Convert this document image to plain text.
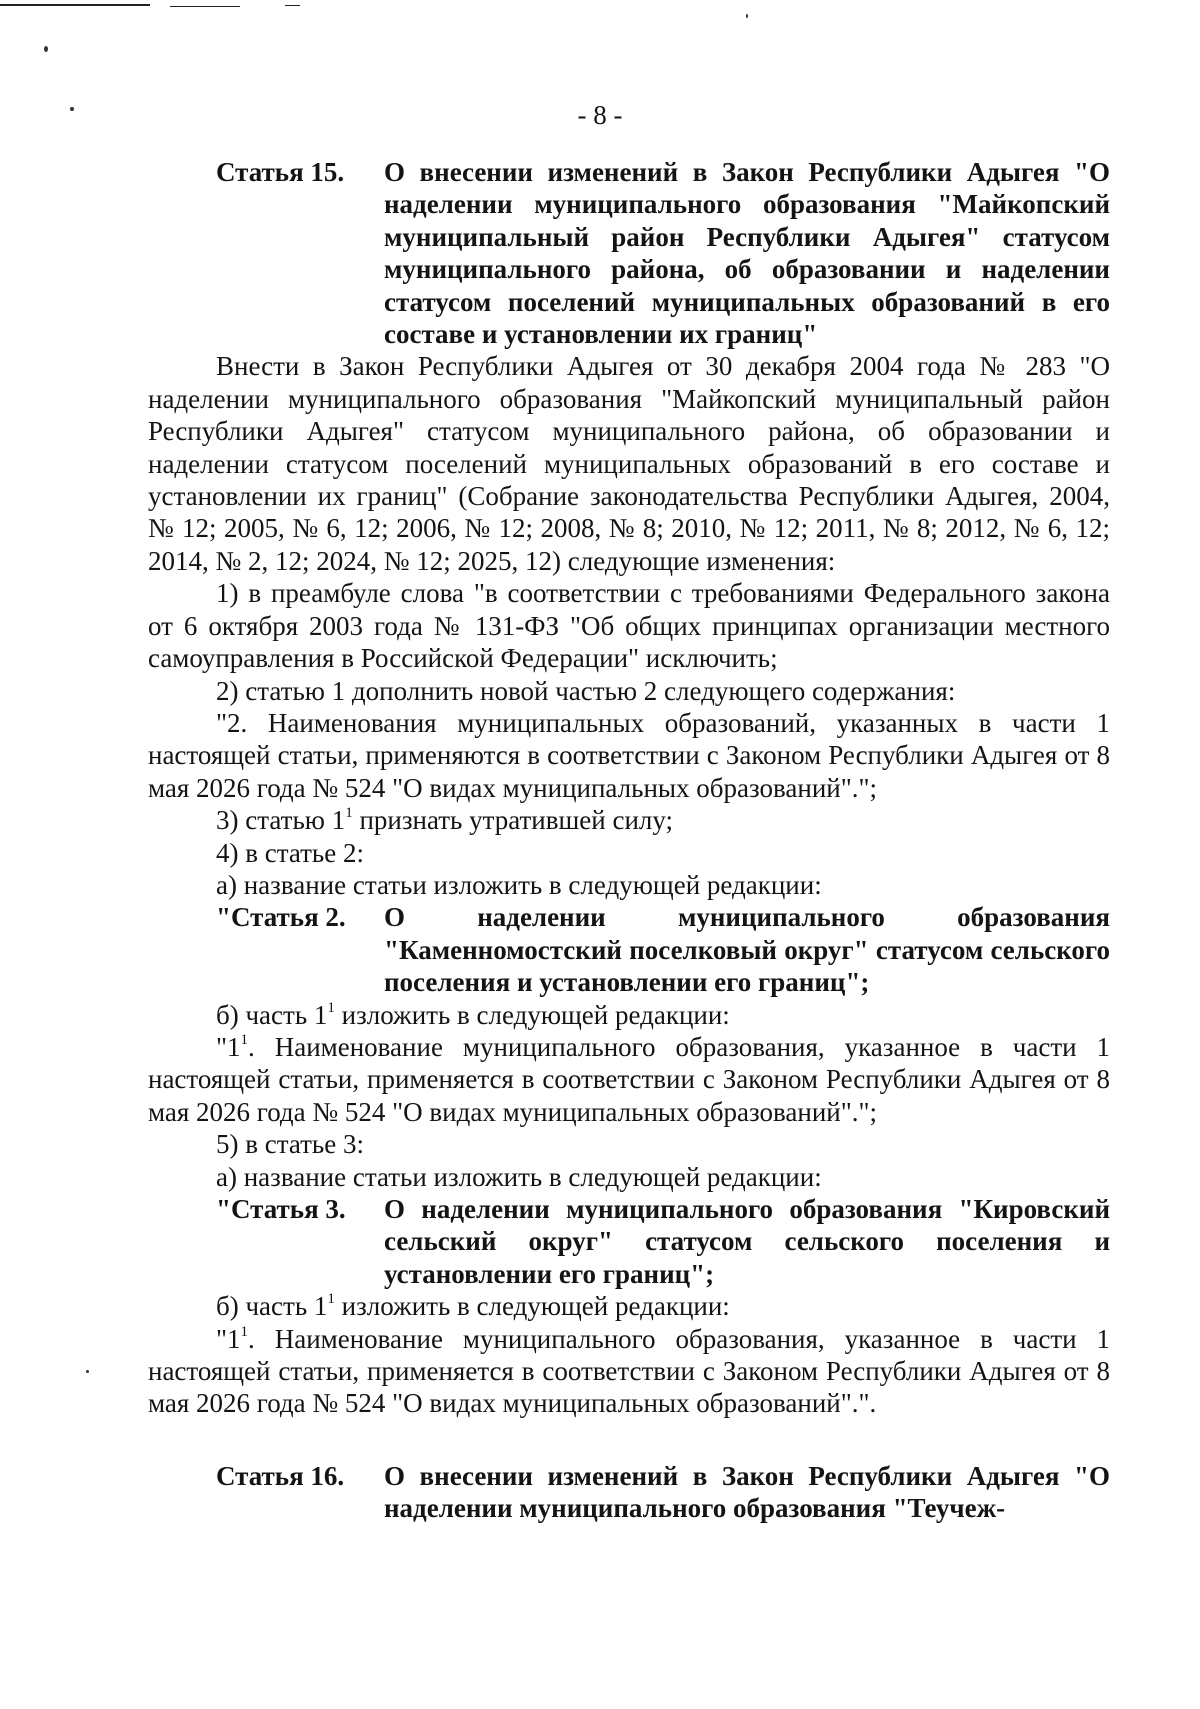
- 8 -
Статья 15.	О внесении изменений в Закон Республики Адыгея "О наделении муниципального образования "Майкопский муниципальный район Республики Адыгея" статусом муниципального района, об образовании и наделении статусом поселений муниципальных образований в его составе и установлении их границ"
Внести в Закон Республики Адыгея от 30 декабря 2004 года № 283 "О наделении муниципального образования "Майкопский муниципальный район Республики Адыгея" статусом муниципального района, об образовании и наделении статусом поселений муниципальных образований в его составе и установлении их границ" (Собрание законодательства Республики Адыгея, 2004, № 12; 2005, № 6, 12; 2006, № 12; 2008, № 8; 2010, № 12; 2011, № 8; 2012, № 6, 12; 2014, № 2, 12; 2024, № 12; 2025, 12) следующие изменения:
1) в преамбуле слова "в соответствии с требованиями Федерального закона от 6 октября 2003 года № 131-ФЗ "Об общих принципах организации местного самоуправления в Российской Федерации" исключить;
2) статью 1 дополнить новой частью 2 следующего содержания:
"2. Наименования муниципальных образований, указанных в части 1 настоящей статьи, применяются в соответствии с Законом Республики Адыгея от 8 мая 2026 года № 524 "О видах муниципальных образований".";
3) статью $1^1$ признать утратившей силу;
4) в статье 2:
а) название статьи изложить в следующей редакции:
"Статья 2.	О наделении муниципального образования "Каменномостский поселковый округ" статусом сельского поселения и установлении его границ";
б) часть $1^1$ изложить в следующей редакции:
"$1^1$. Наименование муниципального образования, указанное в части 1 настоящей статьи, применяется в соответствии с Законом Республики Адыгея от 8 мая 2026 года № 524 "О видах муниципальных образований".";
5) в статье 3:
а) название статьи изложить в следующей редакции:
"Статья 3.	О наделении муниципального образования "Кировский сельский округ" статусом сельского поселения и установлении его границ";
б) часть $1^1$ изложить в следующей редакции:
"$1^1$. Наименование муниципального образования, указанное в части 1 настоящей статьи, применяется в соответствии с Законом Республики Адыгея от 8 мая 2026 года № 524 "О видах муниципальных образований".".
Статья 16.	О внесении изменений в Закон Республики Адыгея "О наделении муниципального образования "Теучеж-
